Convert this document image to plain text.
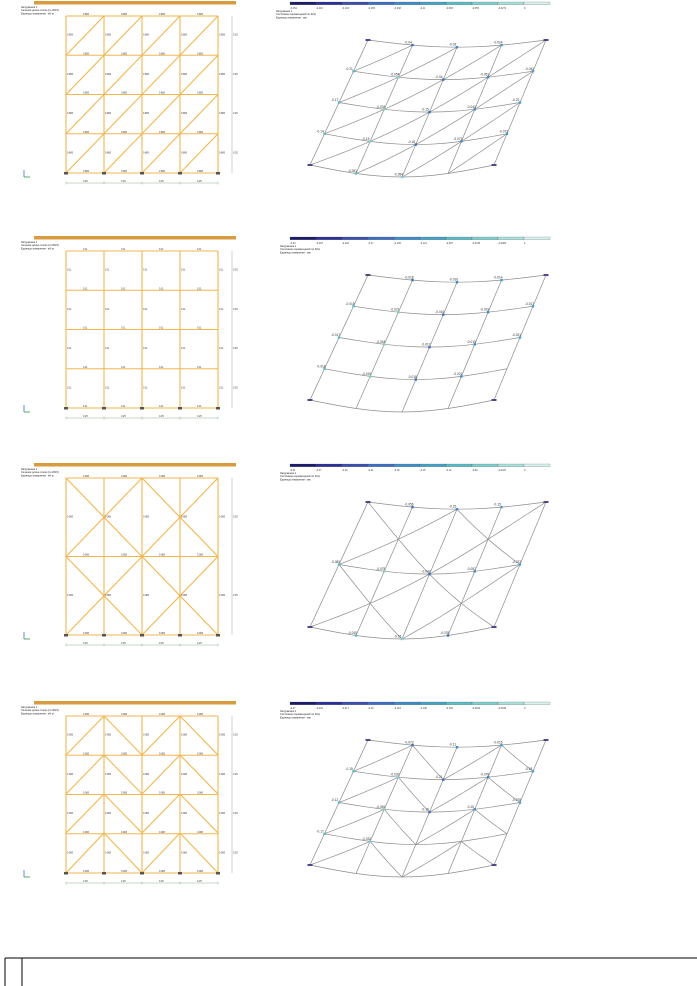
Загружение 1
Сечения длине стали (по 2015)
Единицы измерения - кН·м	0.883
0.883
0.883
0.883
0.883
0.883
0.883
0.883
0.883
0.883
0.883
0.883
0.883
0.883
0.883
0.883
0.883
0.883
0.883
0.883
0.883
0.883
0.883
0.883
0.883
0.883
0.883
0.883
0.883
0.883
0.883
0.883
0.883
0.883
0.883
0.883
0.883
0.883
0.883
0.883
0.25	0.25	0.25	0.25
0.25
0.25
0.25
0.25
-0.254	-0.216	-0.193	-0.165	-0.138	-0.11	-0.083	-0.055	-0.0271	0
Загружение 1
Состояние перемещений по Z(G)
Единицы измерения - мм
-0.04
-0.03
-0.024
-0.21
-0.054
-0.04
-0.051
-0.042
-0.17
-0.034
-0.15
-0.042
-0.22
-0.14
-0.15
-0.18
-0.073
-0.073
-0.051
-0.054
Загружение 1
Сечения длине стали (по 2015)
Единицы измерения - кН·м	0.11
0.11
0.11
0.11
0.11
0.11
0.11
0.11
0.11
0.11
0.11
0.11
0.11
0.11
0.11
0.11
0.11
0.11
0.11
0.11
0.11
0.11
0.11
0.11
0.11
0.11
0.11
0.11
0.11
0.11
0.11
0.11
0.11
0.11
0.11
0.11
0.11
0.11
0.11
0.11
0.25	0.25	0.25	0.25
0.25
0.25
0.25
0.25
-0.24	-0.218	-0.194	-0.17	-0.145	-0.121	-0.097	-0.0726	-0.0484	0
Загружение 1
Состояние перемещений по Z(G)
Единицы измерения - мм
-0.018
-0.016
-0.014
-0.018
-0.021
-0.016
-0.019
-0.017
-0.017
-0.018
-0.017
-0.019
-0.021
-0.018
-0.019
-0.018
-0.021
Загружение 1
Сечения длине стали (по 2015)
Единицы измерения - кН·м	0.083
0.083
0.083
0.083
0.083
0.083
0.083
0.083
0.083
0.083
0.083
0.083
0.083
0.083
0.083
0.083
0.083
0.083
0.083
0.083
0.083
0.083
0.25	0.25	0.25	0.25
0.25
0.25
-0.31	-0.27	-0.24	-0.21	-0.18	-0.15	-0.12	-0.09	-0.0427	0
Загружение 1
Состояние перемещений по Z(G)
Единицы измерения - мм
-0.056
-0.15
-0.15
-0.083
-0.075
-0.042
-0.057
-0.073
-0.015
-0.16
-0.078
Загружение 1
Сечения длине стали (по 2015)
Единицы измерения - кН·м	0.083
0.083
0.083
0.083
0.083
0.083
0.083
0.083
0.083
0.083
0.083
0.083
0.083
0.083
0.083
0.083
0.083
0.083
0.083
0.083
0.083
0.083
0.083
0.083
0.083
0.083
0.083
0.083
0.083
0.083
0.083
0.083
0.083
0.083
0.083
0.083
0.083
0.083
0.083
0.083
0.25	0.25	0.25	0.25
0.25
0.25
0.25
0.25
-0.27	-0.244	-0.217	-0.19	-0.163	-0.136	-0.109	-0.0814	-0.0543	0
Загружение 1
Состояние перемещений по Z(G)
Единицы измерения - мм
-0.073
-0.11
-0.015
-0.15
-0.032
-0.21
-0.078
-0.18
-0.12
-0.081
-0.16
-0.15
-0.078
-0.17
-0.032
